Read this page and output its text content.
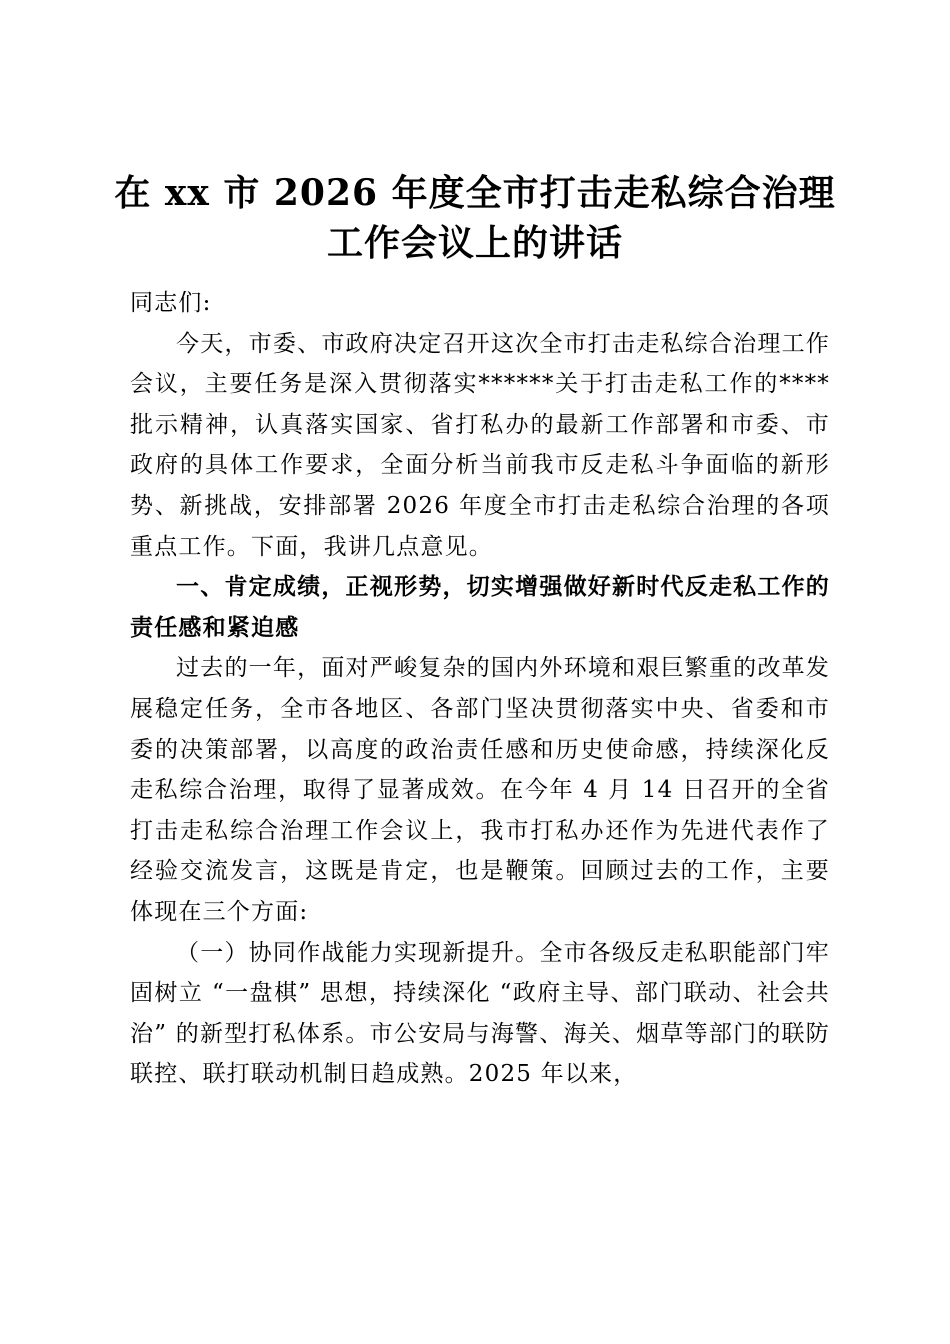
在 xx 市 2026 年度全市打击走私综合治理工作会议上的讲话

同志们:

今天，市委、市政府决定召开这次全市打击走私综合治理工作会议，主要任务是深入贯彻落实******关于打击走私工作的****批示精神，认真落实国家、省打私办的最新工作部署和市委、市政府的具体工作要求，全面分析当前我市反走私斗争面临的新形势、新挑战，安排部署 2026 年度全市打击走私综合治理的各项重点工作。下面，我讲几点意见。

一、肯定成绩，正视形势，切实增强做好新时代反走私工作的责任感和紧迫感

过去的一年，面对严峻复杂的国内外环境和艰巨繁重的改革发展稳定任务，全市各地区、各部门坚决贯彻落实中央、省委和市委的决策部署，以高度的政治责任感和历史使命感，持续深化反走私综合治理，取得了显著成效。在今年 4 月 14 日召开的全省打击走私综合治理工作会议上，我市打私办还作为先进代表作了经验交流发言，这既是肯定，也是鞭策。回顾过去的工作，主要体现在三个方面:

（一）协同作战能力实现新提升。全市各级反走私职能部门牢固树立 “一盘棋” 思想，持续深化 “政府主导、部门联动、社会共治” 的新型打私体系。市公安局与海警、海关、烟草等部门的联防联控、联打联动机制日趋成熟。2025 年以来，
